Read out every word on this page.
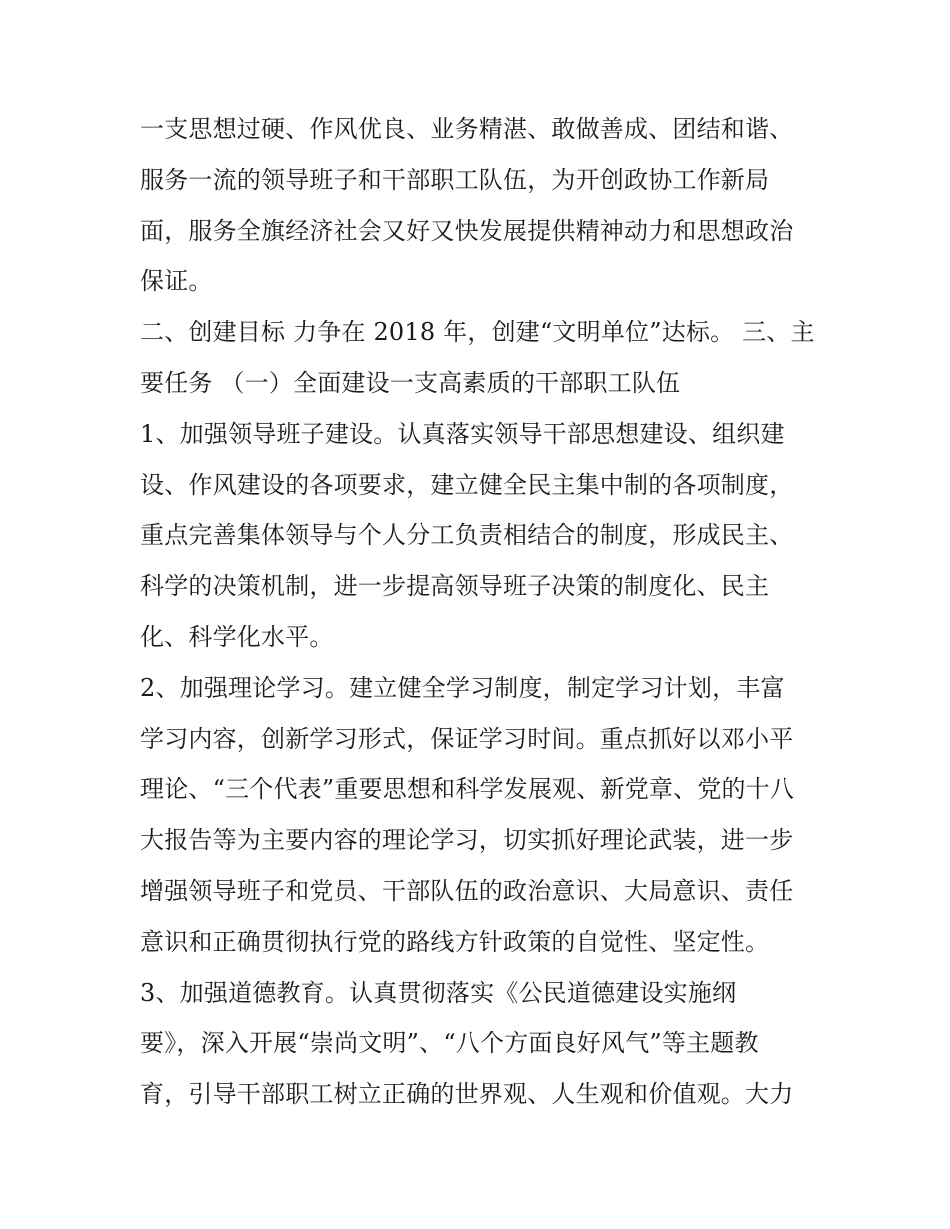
一支思想过硬、作风优良、业务精湛、敢做善成、团结和谐、
服务一流的领导班子和干部职工队伍，为开创政协工作新局
面，服务全旗经济社会又好又快发展提供精神动力和思想政治
保证。
二、创建目标 力争在 2018 年，创建“文明单位”达标。 三、主
要任务 （一）全面建设一支高素质的干部职工队伍
1、加强领导班子建设。认真落实领导干部思想建设、组织建
设、作风建设的各项要求，建立健全民主集中制的各项制度，
重点完善集体领导与个人分工负责相结合的制度，形成民主、
科学的决策机制，进一步提高领导班子决策的制度化、民主
化、科学化水平。
2、加强理论学习。建立健全学习制度，制定学习计划，丰富
学习内容，创新学习形式，保证学习时间。重点抓好以邓小平
理论、“三个代表”重要思想和科学发展观、新党章、党的十八
大报告等为主要内容的理论学习，切实抓好理论武装，进一步
增强领导班子和党员、干部队伍的政治意识、大局意识、责任
意识和正确贯彻执行党的路线方针政策的自觉性、坚定性。
3、加强道德教育。认真贯彻落实《公民道德建设实施纲
要》，深入开展“崇尚文明”、“八个方面良好风气”等主题教
育，引导干部职工树立正确的世界观、人生观和价值观。大力
